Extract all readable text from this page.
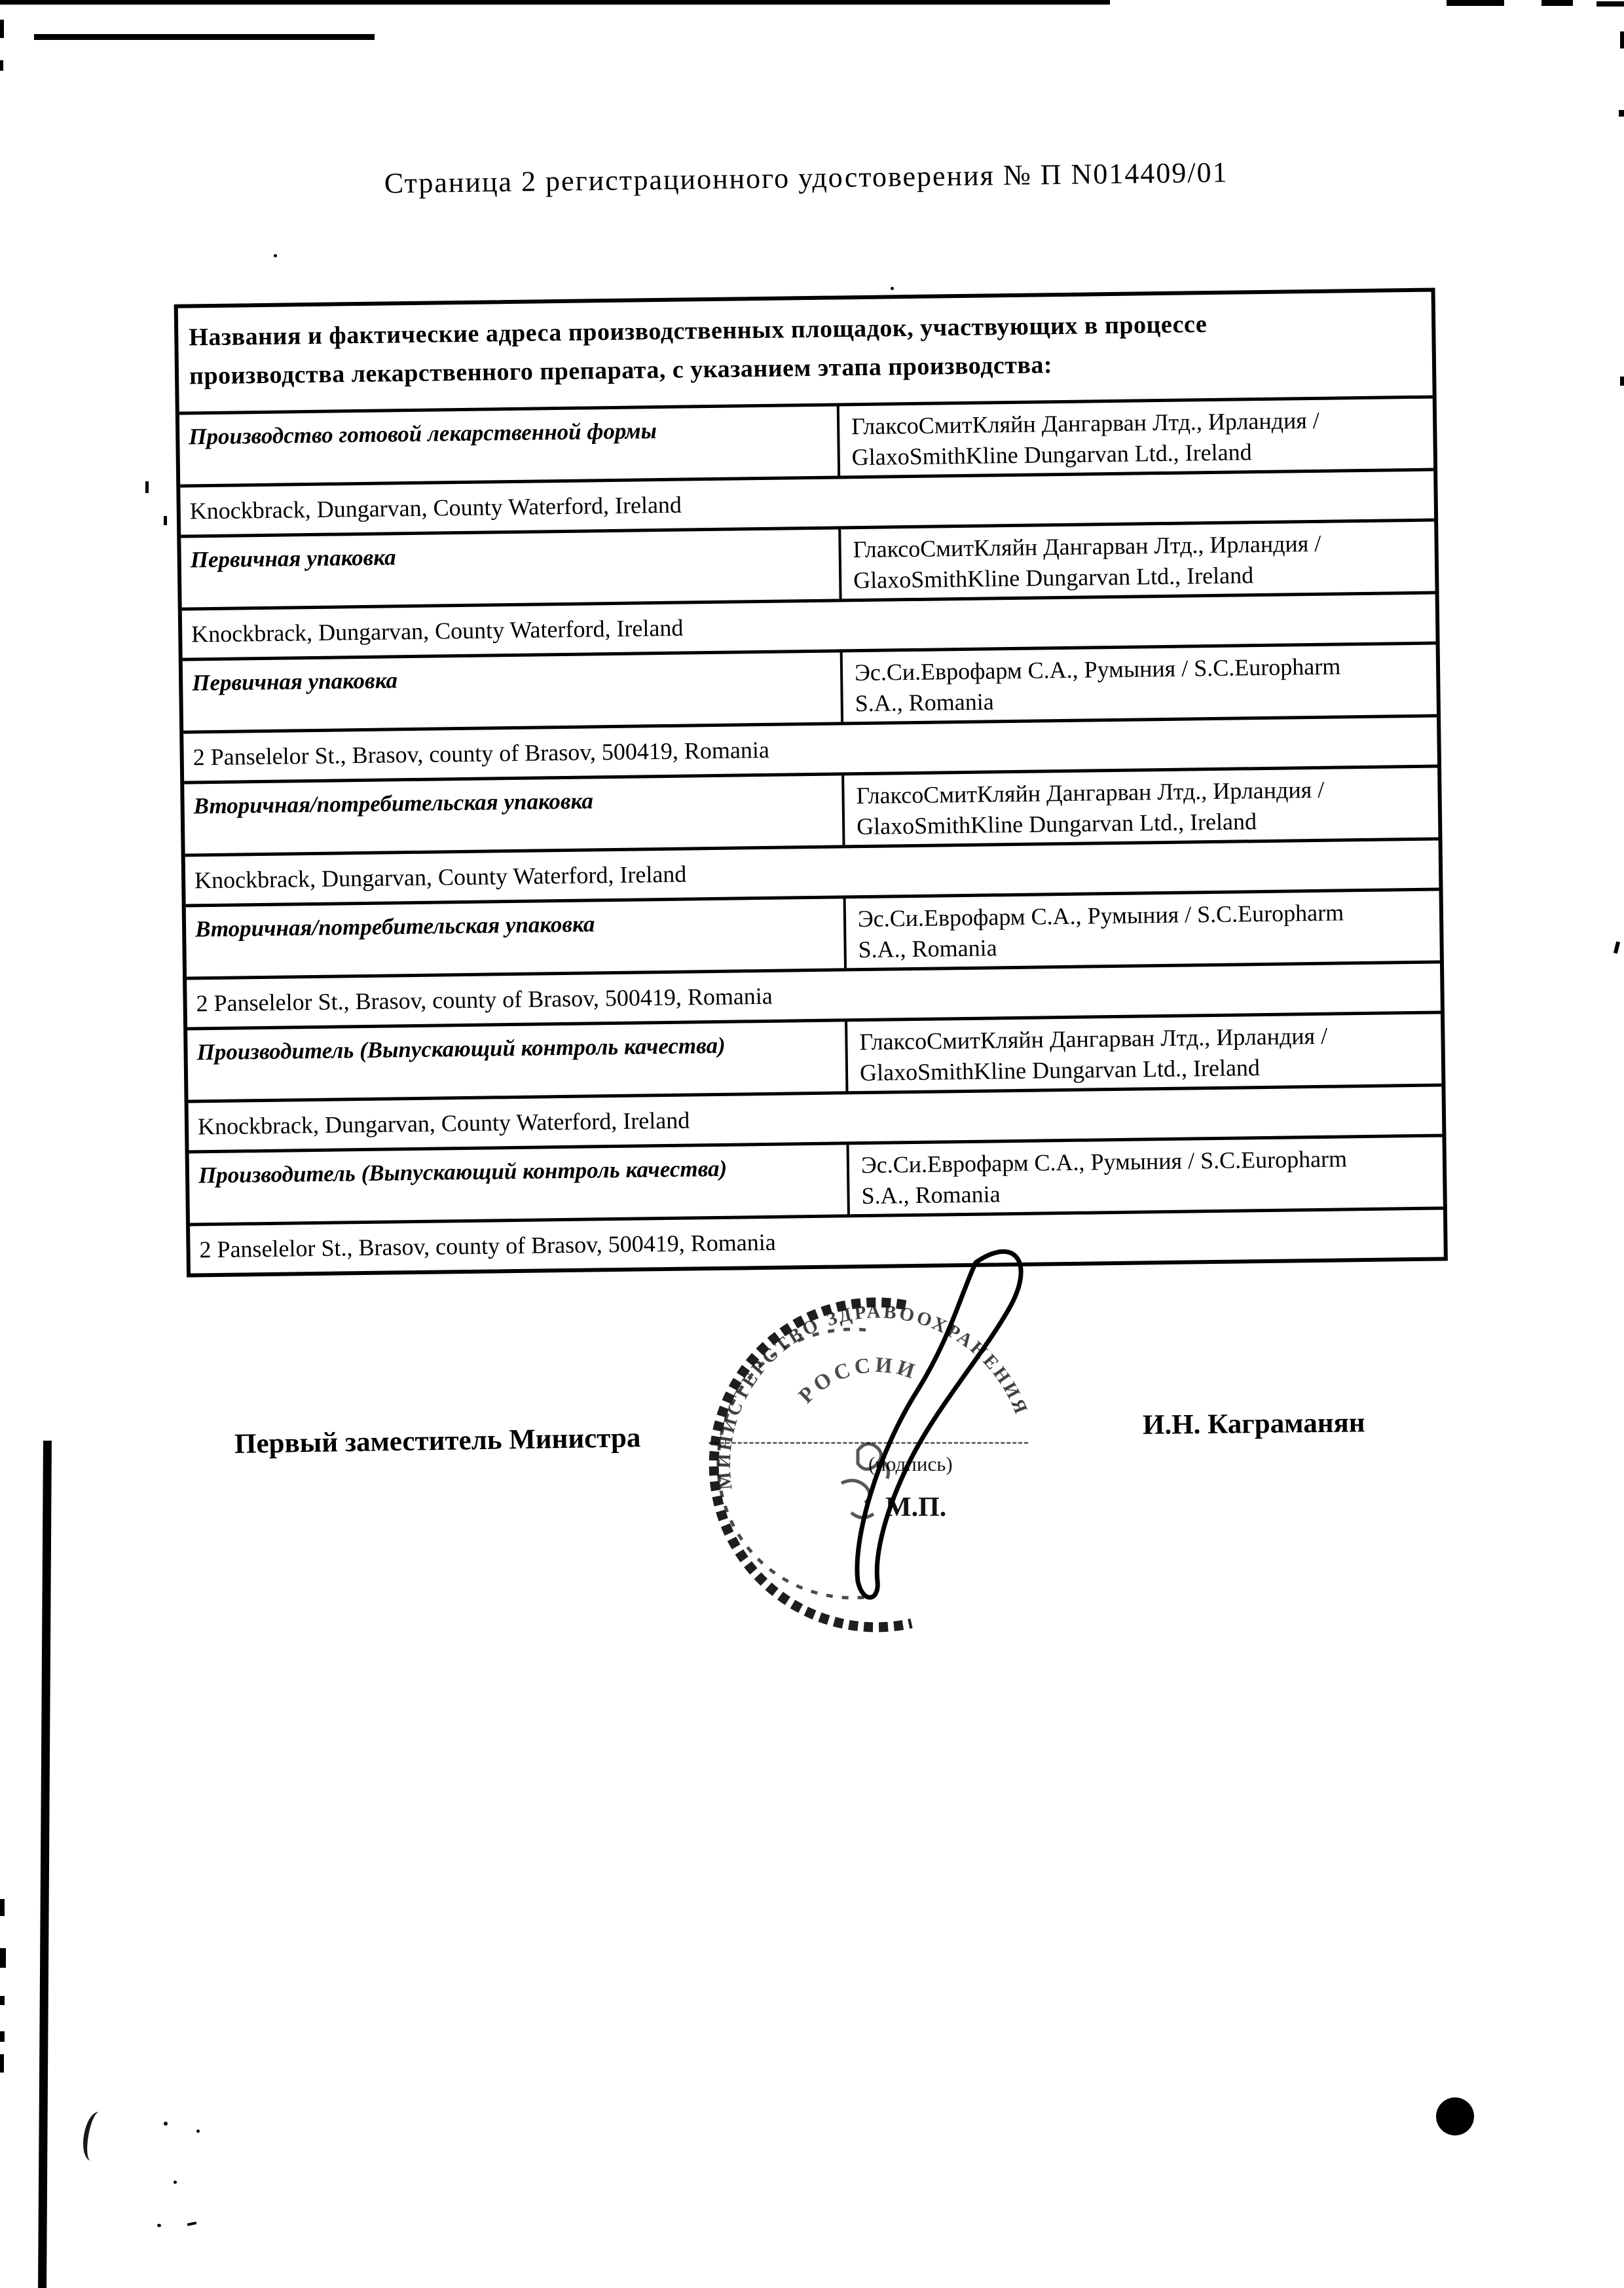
Страница 2 регистрационного удостоверения № П N014409/01
Названия и фактические адреса производственных площадок, участвующих в процессе
производства лекарственного препарата, с указанием этапа производства:
Производство готовой лекарственной формы	ГлаксоСмитКляйн Дангарван Лтд., Ирландия /
GlaxoSmithKline Dungarvan Ltd., Ireland
Knockbrack, Dungarvan, County Waterford, Ireland
Первичная упаковка	ГлаксоСмитКляйн Дангарван Лтд., Ирландия /
GlaxoSmithKline Dungarvan Ltd., Ireland
Knockbrack, Dungarvan, County Waterford, Ireland
Первичная упаковка	Эс.Си.Еврофарм С.А., Румыния / S.C.Europharm
S.A., Romania
2 Panselelor St., Brasov, county of Brasov, 500419, Romania
Вторичная/потребительская упаковка	ГлаксоСмитКляйн Дангарван Лтд., Ирландия /
GlaxoSmithKline Dungarvan Ltd., Ireland
Knockbrack, Dungarvan, County Waterford, Ireland
Вторичная/потребительская упаковка	Эс.Си.Еврофарм С.А., Румыния / S.C.Europharm
S.A., Romania
2 Panselelor St., Brasov, county of Brasov, 500419, Romania
Производитель (Выпускающий контроль качества)	ГлаксоСмитКляйн Дангарван Лтд., Ирландия /
GlaxoSmithKline Dungarvan Ltd., Ireland
Knockbrack, Dungarvan, County Waterford, Ireland
Производитель (Выпускающий контроль качества)	Эс.Си.Еврофарм С.А., Румыния / S.C.Europharm
S.A., Romania
2 Panselelor St., Brasov, county of Brasov, 500419, Romania
МИНИСТЕРСТВО ЗДРАВООХРАНЕНИЯ
РОССИИ
Первый заместитель Министра	И.Н. Каграманян
(подпись)
М.П.
